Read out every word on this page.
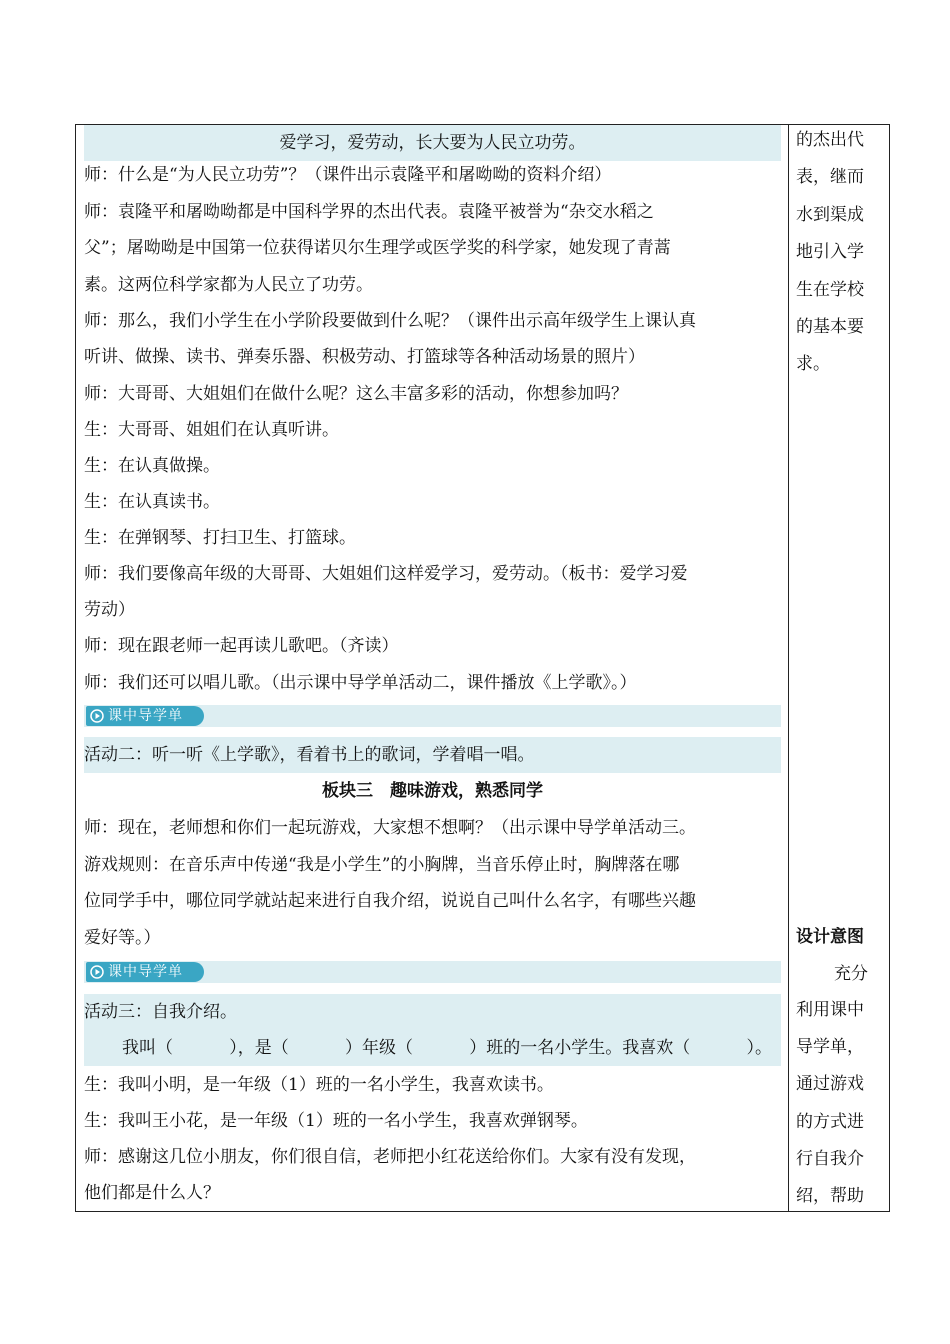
爱学习，爱劳动，长大要为人民立功劳。
师：什么是“为人民立功劳”？（课件出示袁隆平和屠呦呦的资料介绍）
师：袁隆平和屠呦呦都是中国科学界的杰出代表。袁隆平被誉为“杂交水稻之
父”；屠呦呦是中国第一位获得诺贝尔生理学或医学奖的科学家，她发现了青蒿
素。这两位科学家都为人民立了功劳。
师：那么，我们小学生在小学阶段要做到什么呢？（课件出示高年级学生上课认真
听讲、做操、读书、弹奏乐器、积极劳动、打篮球等各种活动场景的照片）
师：大哥哥、大姐姐们在做什么呢？这么丰富多彩的活动，你想参加吗？
生：大哥哥、姐姐们在认真听讲。
生：在认真做操。
生：在认真读书。
生：在弹钢琴、打扫卫生、打篮球。
师：我们要像高年级的大哥哥、大姐姐们这样爱学习，爱劳动。（板书：爱学习爱
劳动）
师：现在跟老师一起再读儿歌吧。（齐读）
师：我们还可以唱儿歌。（出示课中导学单活动二，课件播放《上学歌》。）
课中导学单
活动二：听一听《上学歌》，看着书上的歌词，学着唱一唱。
板块三　趣味游戏，熟悉同学
师：现在，老师想和你们一起玩游戏，大家想不想啊？（出示课中导学单活动三。
游戏规则：在音乐声中传递“我是小学生”的小胸牌，当音乐停止时，胸牌落在哪
位同学手中，哪位同学就站起来进行自我介绍，说说自己叫什么名字，有哪些兴趣
爱好等。）
课中导学单
活动三：自我介绍。
我叫（	），是（	）年级（	）班的一名小学生。我喜欢（	）。
生：我叫小明，是一年级（1）班的一名小学生，我喜欢读书。
生：我叫王小花，是一年级（1）班的一名小学生，我喜欢弹钢琴。
师：感谢这几位小朋友，你们很自信，老师把小红花送给你们。大家有没有发现，
他们都是什么人？
的杰出代
表，继而
水到渠成
地引入学
生在学校
的基本要
求。
设计意图
充分
利用课中
导学单，
通过游戏
的方式进
行自我介
绍，帮助
